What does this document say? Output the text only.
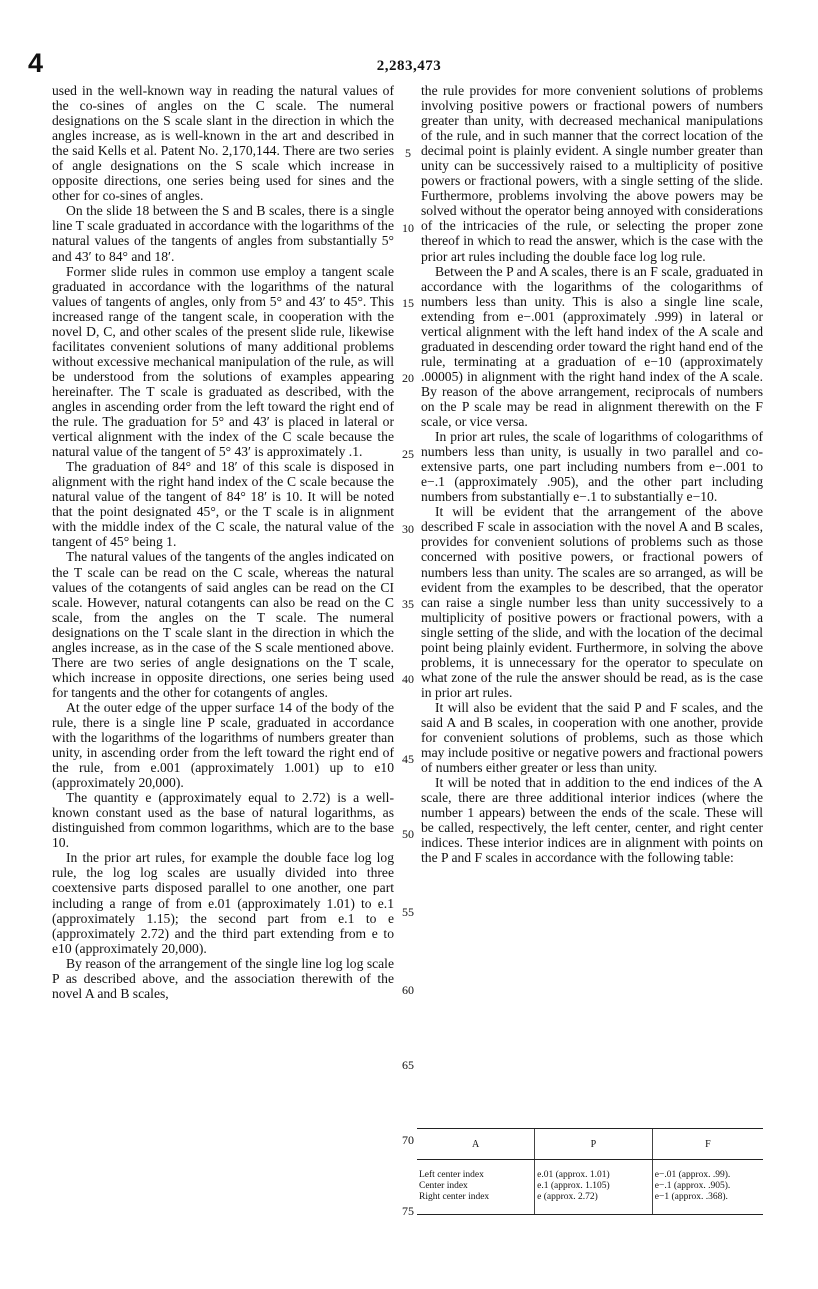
4	2,283,473

used in the well-known way in reading the natural values of the co-sines of angles on the C scale. The numeral designations on the S scale slant in the direction in which the angles increase, as is well-known in the art and described in the said Kells et al. Patent No. 2,170,144. There are two series of angle designations on the S scale which increase in opposite directions, one series being used for sines and the other for co-sines of angles.

On the slide 18 between the S and B scales, there is a single line T scale graduated in accordance with the logarithms of the natural values of the tangents of angles from substantially 5° and 43′ to 84° and 18′.

Former slide rules in common use employ a tangent scale graduated in accordance with the logarithms of the natural values of tangents of angles, only from 5° and 43′ to 45°. This increased range of the tangent scale, in cooperation with the novel D, C, and other scales of the present slide rule, likewise facilitates convenient solutions of many additional problems without excessive mechanical manipulation of the rule, as will be understood from the solutions of examples appearing hereinafter. The T scale is graduated as described, with the angles in ascending order from the left toward the right end of the rule. The graduation for 5° and 43′ is placed in lateral or vertical alignment with the index of the C scale because the natural value of the tangent of 5° 43′ is approximately .1.

The graduation of 84° and 18′ of this scale is disposed in alignment with the right hand index of the C scale because the natural value of the tangent of 84° 18′ is 10. It will be noted that the point designated 45°, or the T scale is in alignment with the middle index of the C scale, the natural value of the tangent of 45° being 1.

The natural values of the tangents of the angles indicated on the T scale can be read on the C scale, whereas the natural values of the cotangents of said angles can be read on the CI scale. However, natural cotangents can also be read on the C scale, from the angles on the T scale. The numeral designations on the T scale slant in the direction in which the angles increase, as in the case of the S scale mentioned above. There are two series of angle designations on the T scale, which increase in opposite directions, one series being used for tangents and the other for cotangents of angles.

At the outer edge of the upper surface 14 of the body of the rule, there is a single line P scale, graduated in accordance with the logarithms of the logarithms of numbers greater than unity, in ascending order from the left toward the right end of the rule, from e.001 (approximately 1.001) up to e10 (approximately 20,000).

The quantity e (approximately equal to 2.72) is a well-known constant used as the base of natural logarithms, as distinguished from common logarithms, which are to the base 10.

In the prior art rules, for example the double face log log rule, the log log scales are usually divided into three coextensive parts disposed parallel to one another, one part including a range of from e.01 (approximately 1.01) to e.1 (approximately 1.15); the second part from e.1 to e (approximately 2.72) and the third part extending from e to e10 (approximately 20,000).

By reason of the arrangement of the single line log log scale P as described above, and the association therewith of the novel A and B scales,

5
10
15
20
25
30
35
40
45
50
55
60
65
70
75

the rule provides for more convenient solutions of problems involving positive powers or fractional powers of numbers greater than unity, with decreased mechanical manipulations of the rule, and in such manner that the correct location of the decimal point is plainly evident. A single number greater than unity can be successively raised to a multiplicity of positive powers or fractional powers, with a single setting of the slide. Furthermore, problems involving the above powers may be solved without the operator being annoyed with considerations of the intricacies of the rule, or selecting the proper zone thereof in which to read the answer, which is the case with the prior art rules including the double face log log rule.

Between the P and A scales, there is an F scale, graduated in accordance with the logarithms of the cologarithms of numbers less than unity. This is also a single line scale, extending from e−.001 (approximately .999) in lateral or vertical alignment with the left hand index of the A scale and graduated in descending order toward the right hand end of the rule, terminating at a graduation of e−10 (approximately .00005) in alignment with the right hand index of the A scale. By reason of the above arrangement, reciprocals of numbers on the P scale may be read in alignment therewith on the F scale, or vice versa.

In prior art rules, the scale of logarithms of cologarithms of numbers less than unity, is usually in two parallel and co-extensive parts, one part including numbers from e−.001 to e−.1 (approximately .905), and the other part including numbers from substantially e−.1 to substantially e−10.

It will be evident that the arrangement of the above described F scale in association with the novel A and B scales, provides for convenient solutions of problems such as those concerned with positive powers, or fractional powers of numbers less than unity. The scales are so arranged, as will be evident from the examples to be described, that the operator can raise a single number less than unity successively to a multiplicity of positive powers or fractional powers, with a single setting of the slide, and with the location of the decimal point being plainly evident. Furthermore, in solving the above problems, it is unnecessary for the operator to speculate on what zone of the rule the answer should be read, as is the case in prior art rules.

It will also be evident that the said P and F scales, and the said A and B scales, in cooperation with one another, provide for convenient solutions of problems, such as those which may include positive or negative powers and fractional powers of numbers either greater or less than unity.

It will be noted that in addition to the end indices of the A scale, there are three additional interior indices (where the number 1 appears) between the ends of the scale. These will be called, respectively, the left center, center, and right center indices. These interior indices are in alignment with points on the P and F scales in accordance with the following table:

A	P	F
Left center index	e.01 (approx. 1.01)	e−.01 (approx. .99).
Center index	e.1 (approx. 1.105)	e−.1 (approx. .905).
Right center index	e (approx. 2.72)	e−1 (approx. .368).
